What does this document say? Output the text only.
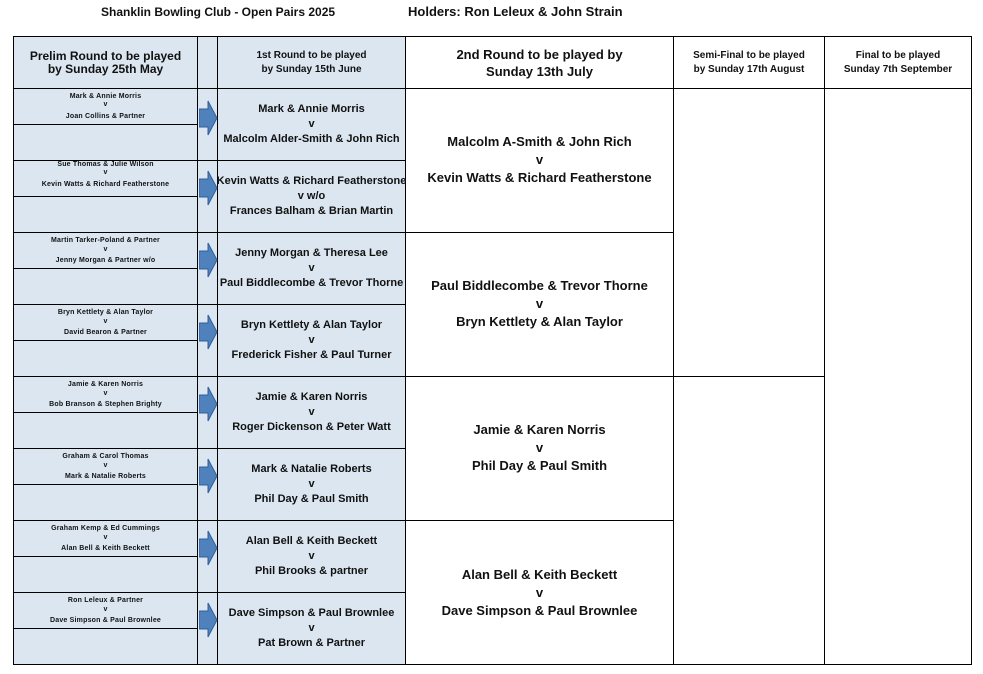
Shanklin Bowling Club - Open Pairs 2025	Holders: Ron Leleux & John Strain
Prelim Round to be played
by Sunday 25th May
1st Round to be played
by Sunday 15th June
2nd Round to be played by
Sunday 13th July
Semi-Final to be played
by Sunday 17th August
Final to be played
Sunday 7th September
Mark & Annie Morris
v
Joan Collins & Partner
Sue Thomas & Julie Wilson
v
Kevin Watts & Richard Featherstone
Martin Tarker-Poland & Partner
v
Jenny Morgan & Partner w/o
Bryn Kettlety & Alan Taylor
v
David Bearon & Partner
Jamie & Karen Norris
v
Bob Branson & Stephen Brighty
Graham & Carol Thomas
v
Mark & Natalie Roberts
Graham Kemp & Ed Cummings
v
Alan Bell & Keith Beckett
Ron Leleux & Partner
v
Dave Simpson & Paul Brownlee
Mark & Annie Morris
v
Malcolm Alder-Smith & John Rich
Kevin Watts & Richard Featherstone
v w/o
Frances Balham & Brian Martin
Jenny Morgan & Theresa Lee
v
Paul Biddlecombe & Trevor Thorne
Bryn Kettlety & Alan Taylor
v
Frederick Fisher & Paul Turner
Jamie & Karen Norris
v
Roger Dickenson & Peter Watt
Mark & Natalie Roberts
v
Phil Day & Paul Smith
Alan Bell & Keith Beckett
v
Phil Brooks & partner
Dave Simpson & Paul Brownlee
v
Pat Brown & Partner
Malcolm A-Smith & John Rich
v
Kevin Watts & Richard Featherstone
Paul Biddlecombe & Trevor Thorne
v
Bryn Kettlety & Alan Taylor
Jamie & Karen Norris
v
Phil Day & Paul Smith
Alan Bell & Keith Beckett
v
Dave Simpson & Paul Brownlee
